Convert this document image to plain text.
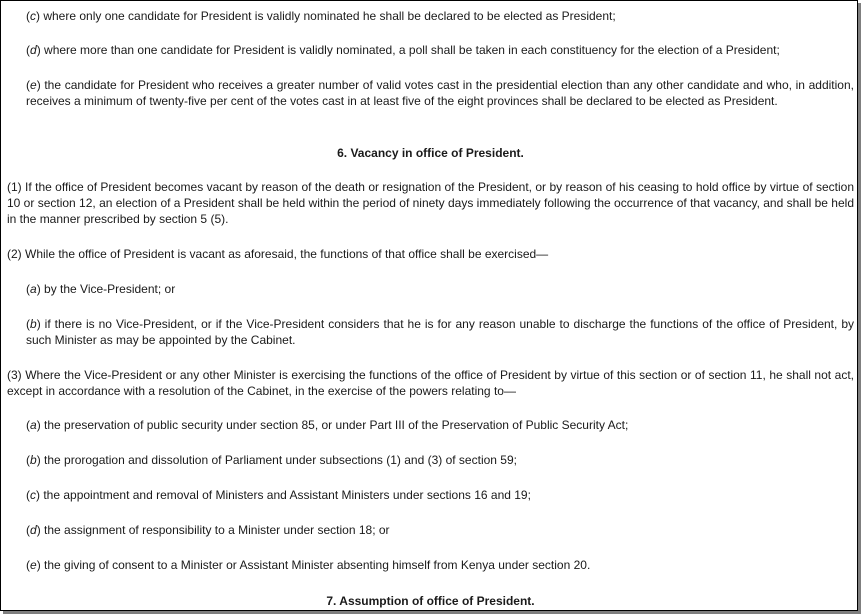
(c) where only one candidate for President is validly nominated he shall be declared to be elected as President;

(d) where more than one candidate for President is validly nominated, a poll shall be taken in each constituency for the election of a President;

(e) the candidate for President who receives a greater number of valid votes cast in the presidential election than any other candidate and who, in addition, receives a minimum of twenty-five per cent of the votes cast in at least five of the eight provinces shall be declared to be elected as President.

6. Vacancy in office of President.

(1) If the office of President becomes vacant by reason of the death or resignation of the President, or by reason of his ceasing to hold office by virtue of section 10 or section 12, an election of a President shall be held within the period of ninety days immediately following the occurrence of that vacancy, and shall be held in the manner prescribed by section 5 (5).

(2) While the office of President is vacant as aforesaid, the functions of that office shall be exercised—

(a) by the Vice-President; or

(b) if there is no Vice-President, or if the Vice-President considers that he is for any reason unable to discharge the functions of the office of President, by such Minister as may be appointed by the Cabinet.

(3) Where the Vice-President or any other Minister is exercising the functions of the office of President by virtue of this section or of section 11, he shall not act, except in accordance with a resolution of the Cabinet, in the exercise of the powers relating to—

(a) the preservation of public security under section 85, or under Part III of the Preservation of Public Security Act;

(b) the prorogation and dissolution of Parliament under subsections (1) and (3) of section 59;

(c) the appointment and removal of Ministers and Assistant Ministers under sections 16 and 19;

(d) the assignment of responsibility to a Minister under section 18; or

(e) the giving of consent to a Minister or Assistant Minister absenting himself from Kenya under section 20.

7. Assumption of office of President.
